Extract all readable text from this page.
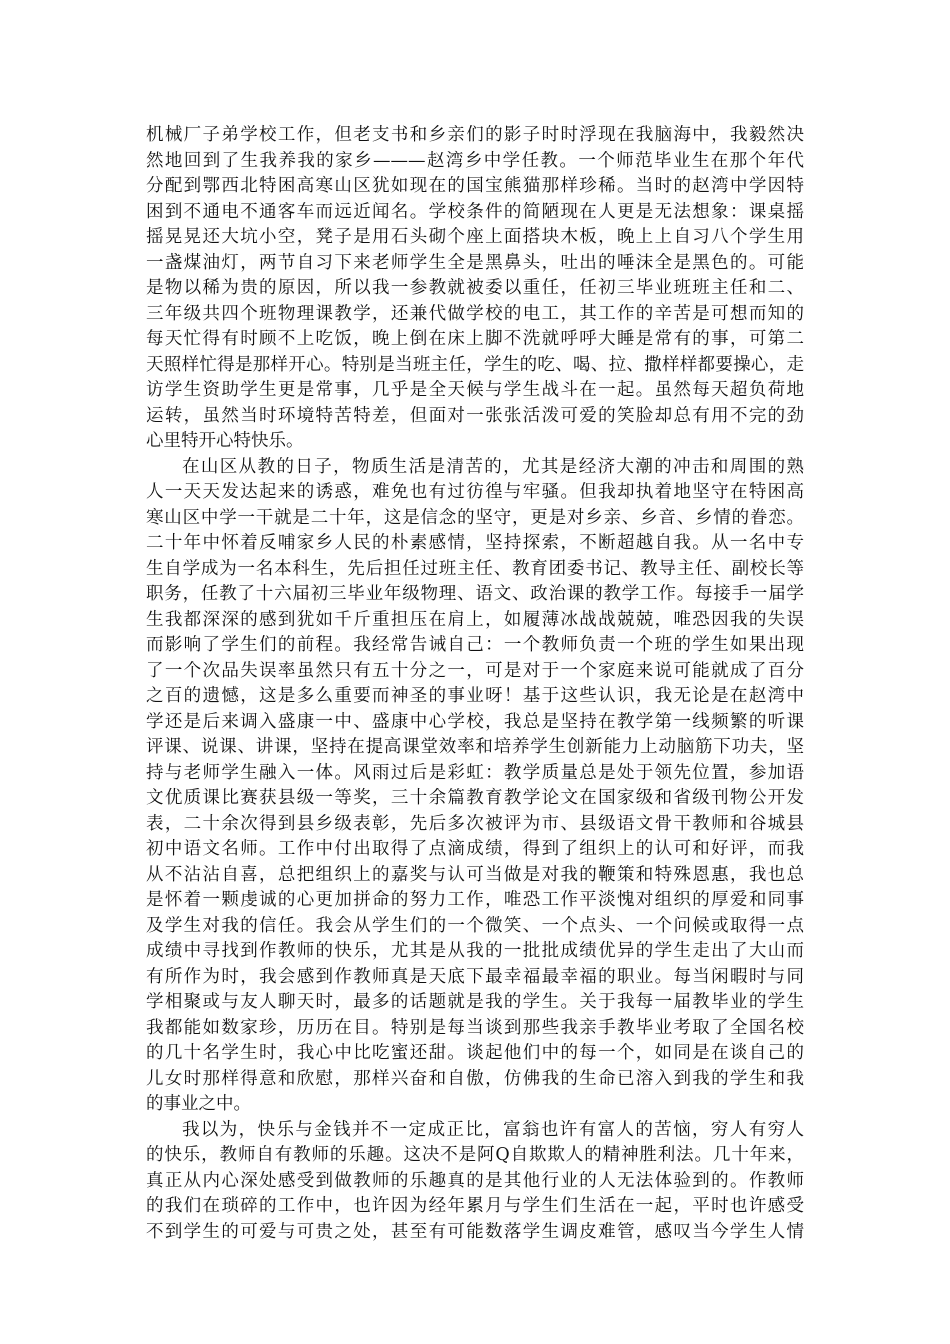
机械厂子弟学校工作，但老支书和乡亲们的影子时时浮现在我脑海中，我毅然决
然地回到了生我养我的家乡———赵湾乡中学任教。一个师范毕业生在那个年代
分配到鄂西北特困高寒山区犹如现在的国宝熊猫那样珍稀。当时的赵湾中学因特
困到不通电不通客车而远近闻名。学校条件的简陋现在人更是无法想象：课桌摇
摇晃晃还大坑小空，凳子是用石头砌个座上面搭块木板，晚上上自习八个学生用
一盏煤油灯，两节自习下来老师学生全是黑鼻头，吐出的唾沫全是黑色的。可能
是物以稀为贵的原因，所以我一参教就被委以重任，任初三毕业班班主任和二、
三年级共四个班物理课教学，还兼代做学校的电工，其工作的辛苦是可想而知的
每天忙得有时顾不上吃饭，晚上倒在床上脚不洗就呼呼大睡是常有的事，可第二
天照样忙得是那样开心。特别是当班主任，学生的吃、喝、拉、撒样样都要操心，走
访学生资助学生更是常事，几乎是全天候与学生战斗在一起。虽然每天超负荷地
运转，虽然当时环境特苦特差，但面对一张张活泼可爱的笑脸却总有用不完的劲
心里特开心特快乐。
在山区从教的日子，物质生活是清苦的，尤其是经济大潮的冲击和周围的熟
人一天天发达起来的诱惑，难免也有过彷徨与牢骚。但我却执着地坚守在特困高
寒山区中学一干就是二十年，这是信念的坚守，更是对乡亲、乡音、乡情的眷恋。
二十年中怀着反哺家乡人民的朴素感情，坚持探索，不断超越自我。从一名中专
生自学成为一名本科生，先后担任过班主任、教育团委书记、教导主任、副校长等
职务，任教了十六届初三毕业年级物理、语文、政治课的教学工作。每接手一届学
生我都深深的感到犹如千斤重担压在肩上，如履薄冰战战兢兢，唯恐因我的失误
而影响了学生们的前程。我经常告诫自己：一个教师负责一个班的学生如果出现
了一个次品失误率虽然只有五十分之一，可是对于一个家庭来说可能就成了百分
之百的遗憾，这是多么重要而神圣的事业呀！基于这些认识，我无论是在赵湾中
学还是后来调入盛康一中、盛康中心学校，我总是坚持在教学第一线频繁的听课
评课、说课、讲课，坚持在提高课堂效率和培养学生创新能力上动脑筋下功夫，坚
持与老师学生融入一体。风雨过后是彩虹：教学质量总是处于领先位置，参加语
文优质课比赛获县级一等奖，三十余篇教育教学论文在国家级和省级刊物公开发
表，二十余次得到县乡级表彰，先后多次被评为市、县级语文骨干教师和谷城县
初中语文名师。工作中付出取得了点滴成绩，得到了组织上的认可和好评，而我
从不沾沾自喜，总把组织上的嘉奖与认可当做是对我的鞭策和特殊恩惠，我也总
是怀着一颗虔诚的心更加拼命的努力工作，唯恐工作平淡愧对组织的厚爱和同事
及学生对我的信任。我会从学生们的一个微笑、一个点头、一个问候或取得一点
成绩中寻找到作教师的快乐，尤其是从我的一批批成绩优异的学生走出了大山而
有所作为时，我会感到作教师真是天底下最幸福最幸福的职业。每当闲暇时与同
学相聚或与友人聊天时，最多的话题就是我的学生。关于我每一届教毕业的学生
我都能如数家珍，历历在目。特别是每当谈到那些我亲手教毕业考取了全国名校
的几十名学生时，我心中比吃蜜还甜。谈起他们中的每一个，如同是在谈自己的
儿女时那样得意和欣慰，那样兴奋和自傲，仿佛我的生命已溶入到我的学生和我
的事业之中。
我以为，快乐与金钱并不一定成正比，富翁也许有富人的苦恼，穷人有穷人
的快乐，教师自有教师的乐趣。这决不是阿Q自欺欺人的精神胜利法。几十年来，
真正从内心深处感受到做教师的乐趣真的是其他行业的人无法体验到的。作教师
的我们在琐碎的工作中，也许因为经年累月与学生们生活在一起，平时也许感受
不到学生的可爱与可贵之处，甚至有可能数落学生调皮难管，感叹当今学生人情
